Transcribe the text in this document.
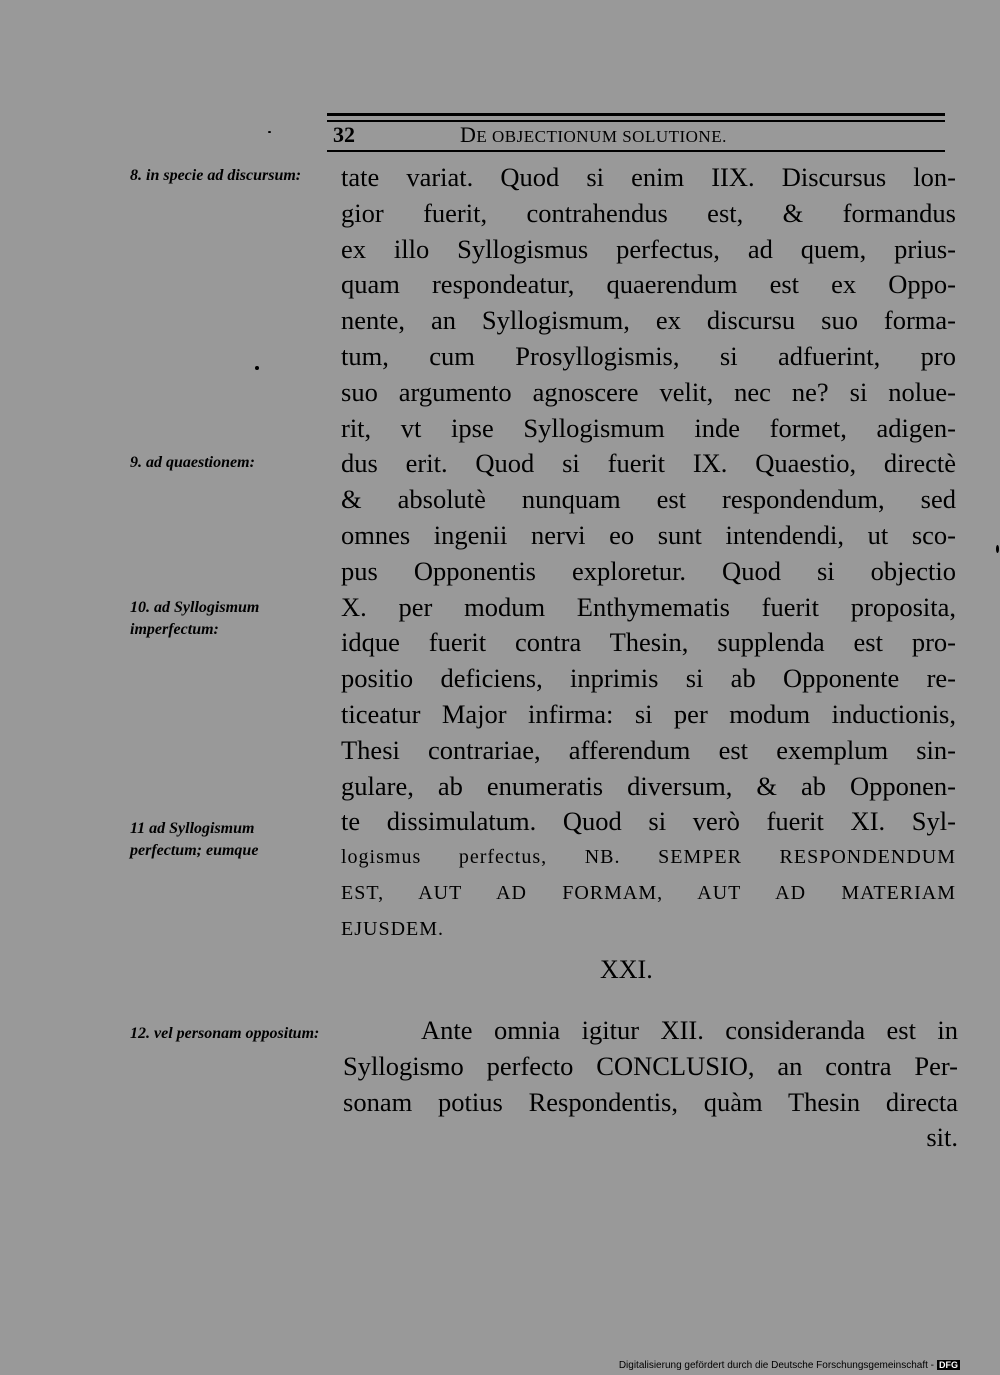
32	DE OBJECTIONUM SOLUTIONE.
8. in specie ad discursum:
9. ad quaestionem:
10. ad Syllogismum imperfectum:
11 ad Syllogismum perfectum; eumque
12. vel personam oppositum:
tate variat. Quod si enim IIX. Discursus lon-
gior fuerit, contrahendus est, & formandus
ex illo Syllogismus perfectus, ad quem, prius-
quam respondeatur, quaerendum est ex Oppo-
nente, an Syllogismum, ex discursu suo forma-
tum, cum Prosyllogismis, si adfuerint, pro
suo argumento agnoscere velit, nec ne? si nolue-
rit, vt ipse Syllogismum inde formet, adigen-
dus erit. Quod si fuerit IX. Quaestio, directè
& absolutè nunquam est respondendum, sed
omnes ingenii nervi eo sunt intendendi, ut sco-
pus Opponentis exploretur. Quod si objectio
X. per modum Enthymematis fuerit proposita,
idque fuerit contra Thesin, supplenda est pro-
positio deficiens, inprimis si ab Opponente re-
ticeatur Major infirma: si per modum inductionis,
Thesi contrariae, afferendum est exemplum sin-
gulare, ab enumeratis diversum, & ab Opponen-
te dissimulatum. Quod si verò fuerit XI. Syl-
logismus perfectus, NB. SEMPER RESPONDENDUM
EST, AUT AD FORMAM, AUT AD MATERIAM
EJUSDEM.
XXI.
Ante omnia igitur XII. consideranda est in
Syllogismo perfecto CONCLUSIO, an contra Per-
sonam potius Respondentis, quàm Thesin directa
sit.
Digitalisierung gefördert durch die Deutsche Forschungsgemeinschaft - DFG
